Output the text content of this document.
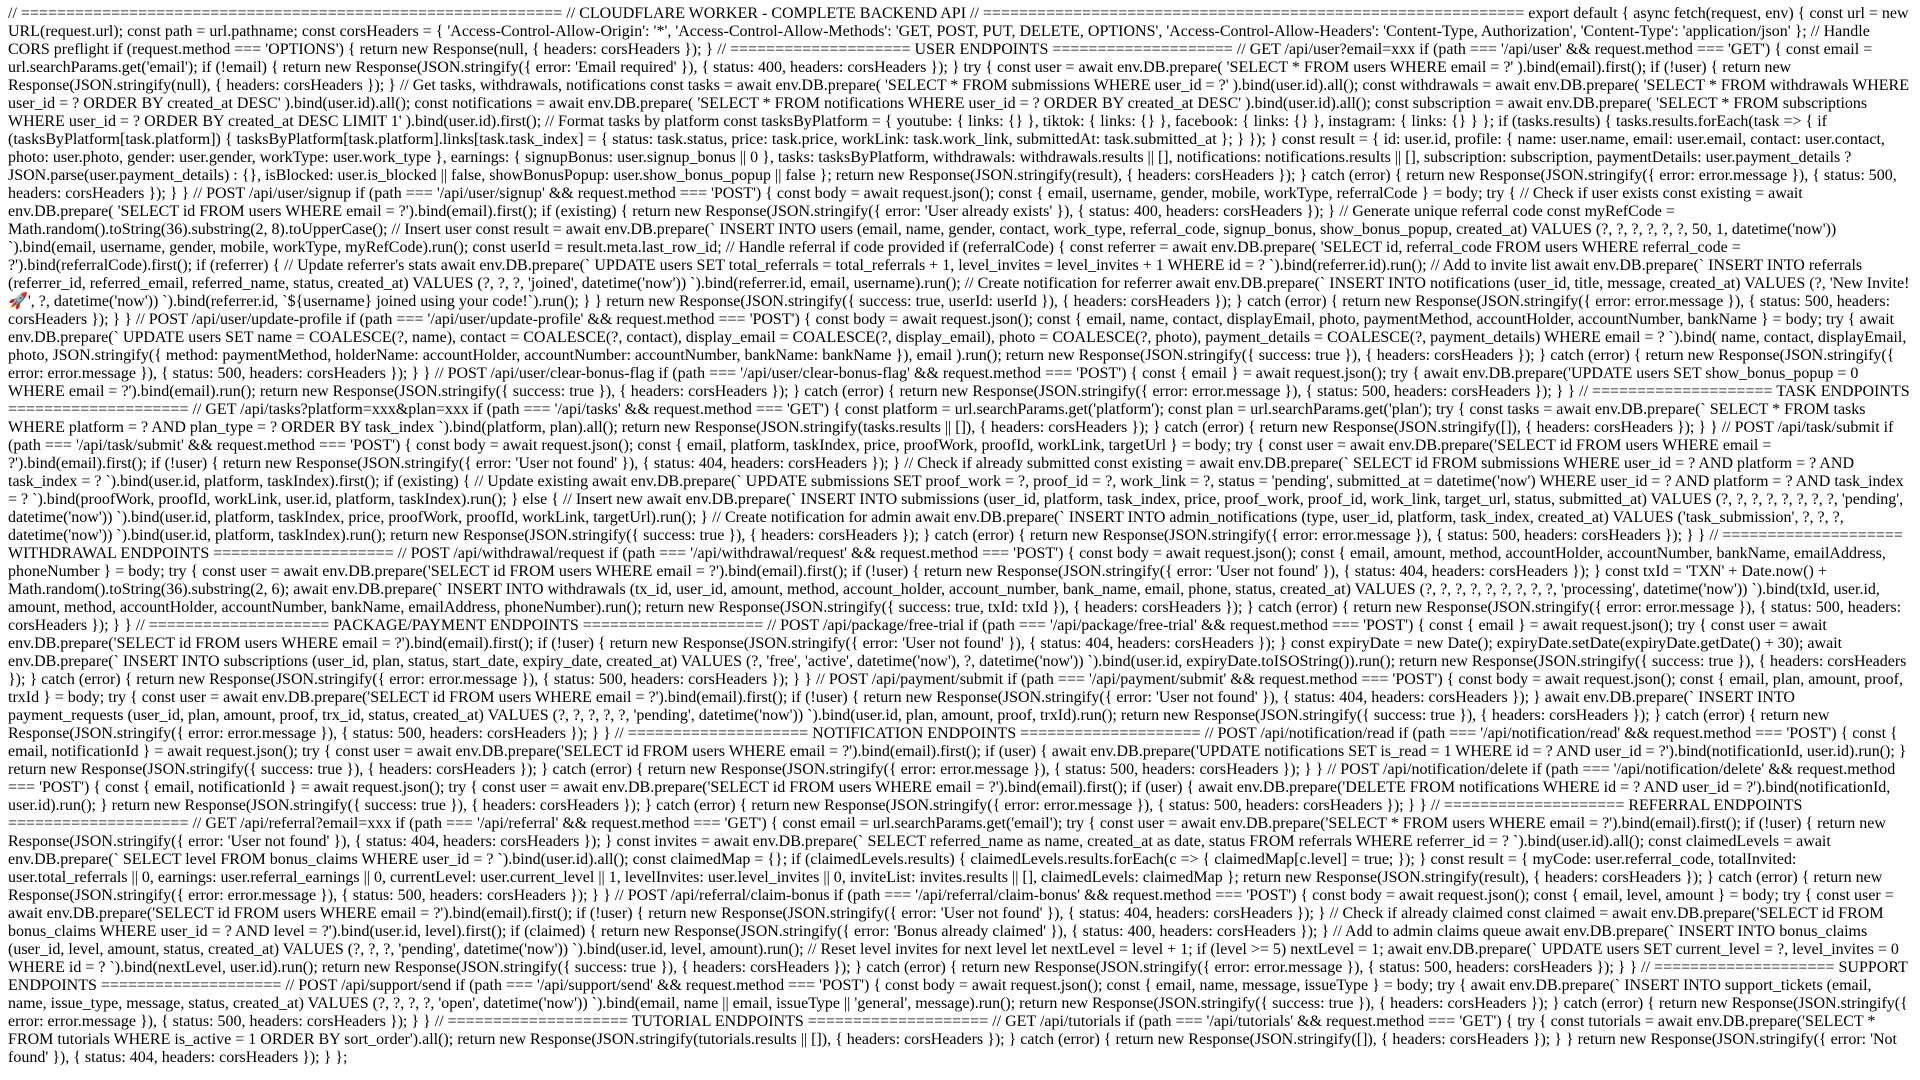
// ============================================================ // CLOUDFLARE WORKER - COMPLETE BACKEND API // ============================================================ export default { async fetch(request, env) { const url = new URL(request.url); const path = url.pathname; const corsHeaders = { 'Access-Control-Allow-Origin': '*', 'Access-Control-Allow-Methods': 'GET, POST, PUT, DELETE, OPTIONS', 'Access-Control-Allow-Headers': 'Content-Type, Authorization', 'Content-Type': 'application/json' }; // Handle CORS preflight if (request.method === 'OPTIONS') { return new Response(null, { headers: corsHeaders }); } // ==================== USER ENDPOINTS ==================== // GET /api/user?email=xxx if (path === '/api/user' && request.method === 'GET') { const email = url.searchParams.get('email'); if (!email) { return new Response(JSON.stringify({ error: 'Email required' }), { status: 400, headers: corsHeaders }); } try { const user = await env.DB.prepare( 'SELECT * FROM users WHERE email = ?' ).bind(email).first(); if (!user) { return new Response(JSON.stringify(null), { headers: corsHeaders }); } // Get tasks, withdrawals, notifications const tasks = await env.DB.prepare( 'SELECT * FROM submissions WHERE user_id = ?' ).bind(user.id).all(); const withdrawals = await env.DB.prepare( 'SELECT * FROM withdrawals WHERE user_id = ? ORDER BY created_at DESC' ).bind(user.id).all(); const notifications = await env.DB.prepare( 'SELECT * FROM notifications WHERE user_id = ? ORDER BY created_at DESC' ).bind(user.id).all(); const subscription = await env.DB.prepare( 'SELECT * FROM subscriptions WHERE user_id = ? ORDER BY created_at DESC LIMIT 1' ).bind(user.id).first(); // Format tasks by platform const tasksByPlatform = { youtube: { links: {} }, tiktok: { links: {} }, facebook: { links: {} }, instagram: { links: {} } }; if (tasks.results) { tasks.results.forEach(task => { if (tasksByPlatform[task.platform]) { tasksByPlatform[task.platform].links[task.task_index] = { status: task.status, price: task.price, workLink: task.work_link, submittedAt: task.submitted_at }; } }); } const result = { id: user.id, profile: { name: user.name, email: user.email, contact: user.contact, photo: user.photo, gender: user.gender, workType: user.work_type }, earnings: { signupBonus: user.signup_bonus || 0 }, tasks: tasksByPlatform, withdrawals: withdrawals.results || [], notifications: notifications.results || [], subscription: subscription, paymentDetails: user.payment_details ? JSON.parse(user.payment_details) : {}, isBlocked: user.is_blocked || false, showBonusPopup: user.show_bonus_popup || false }; return new Response(JSON.stringify(result), { headers: corsHeaders }); } catch (error) { return new Response(JSON.stringify({ error: error.message }), { status: 500, headers: corsHeaders }); } } // POST /api/user/signup if (path === '/api/user/signup' && request.method === 'POST') { const body = await request.json(); const { email, username, gender, mobile, workType, referralCode } = body; try { // Check if user exists const existing = await env.DB.prepare( 'SELECT id FROM users WHERE email = ?').bind(email).first(); if (existing) { return new Response(JSON.stringify({ error: 'User already exists' }), { status: 400, headers: corsHeaders }); } // Generate unique referral code const myRefCode = Math.random().toString(36).substring(2, 8).toUpperCase(); // Insert user const result = await env.DB.prepare(` INSERT INTO users (email, name, gender, contact, work_type, referral_code, signup_bonus, show_bonus_popup, created_at) VALUES (?, ?, ?, ?, ?, ?, 50, 1, datetime('now')) `).bind(email, username, gender, mobile, workType, myRefCode).run(); const userId = result.meta.last_row_id; // Handle referral if code provided if (referralCode) { const referrer = await env.DB.prepare( 'SELECT id, referral_code FROM users WHERE referral_code = ?').bind(referralCode).first(); if (referrer) { // Update referrer's stats await env.DB.prepare(` UPDATE users SET total_referrals = total_referrals + 1, level_invites = level_invites + 1 WHERE id = ? `).bind(referrer.id).run(); // Add to invite list await env.DB.prepare(` INSERT INTO referrals (referrer_id, referred_email, referred_name, status, created_at) VALUES (?, ?, ?, 'joined', datetime('now')) `).bind(referrer.id, email, username).run(); // Create notification for referrer await env.DB.prepare(` INSERT INTO notifications (user_id, title, message, created_at) VALUES (?, 'New Invite! 🚀', ?, datetime('now')) `).bind(referrer.id, `${username} joined using your code!`).run(); } } return new Response(JSON.stringify({ success: true, userId: userId }), { headers: corsHeaders }); } catch (error) { return new Response(JSON.stringify({ error: error.message }), { status: 500, headers: corsHeaders }); } } // POST /api/user/update-profile if (path === '/api/user/update-profile' && request.method === 'POST') { const body = await request.json(); const { email, name, contact, displayEmail, photo, paymentMethod, accountHolder, accountNumber, bankName } = body; try { await env.DB.prepare(` UPDATE users SET name = COALESCE(?, name), contact = COALESCE(?, contact), display_email = COALESCE(?, display_email), photo = COALESCE(?, photo), payment_details = COALESCE(?, payment_details) WHERE email = ? `).bind( name, contact, displayEmail, photo, JSON.stringify({ method: paymentMethod, holderName: accountHolder, accountNumber: accountNumber, bankName: bankName }), email ).run(); return new Response(JSON.stringify({ success: true }), { headers: corsHeaders }); } catch (error) { return new Response(JSON.stringify({ error: error.message }), { status: 500, headers: corsHeaders }); } } // POST /api/user/clear-bonus-flag if (path === '/api/user/clear-bonus-flag' && request.method === 'POST') { const { email } = await request.json(); try { await env.DB.prepare('UPDATE users SET show_bonus_popup = 0 WHERE email = ?').bind(email).run(); return new Response(JSON.stringify({ success: true }), { headers: corsHeaders }); } catch (error) { return new Response(JSON.stringify({ error: error.message }), { status: 500, headers: corsHeaders }); } } // ==================== TASK ENDPOINTS ==================== // GET /api/tasks?platform=xxx&plan=xxx if (path === '/api/tasks' && request.method === 'GET') { const platform = url.searchParams.get('platform'); const plan = url.searchParams.get('plan'); try { const tasks = await env.DB.prepare(` SELECT * FROM tasks WHERE platform = ? AND plan_type = ? ORDER BY task_index `).bind(platform, plan).all(); return new Response(JSON.stringify(tasks.results || []), { headers: corsHeaders }); } catch (error) { return new Response(JSON.stringify([]), { headers: corsHeaders }); } } // POST /api/task/submit if (path === '/api/task/submit' && request.method === 'POST') { const body = await request.json(); const { email, platform, taskIndex, price, proofWork, proofId, workLink, targetUrl } = body; try { const user = await env.DB.prepare('SELECT id FROM users WHERE email = ?').bind(email).first(); if (!user) { return new Response(JSON.stringify({ error: 'User not found' }), { status: 404, headers: corsHeaders }); } // Check if already submitted const existing = await env.DB.prepare(` SELECT id FROM submissions WHERE user_id = ? AND platform = ? AND task_index = ? `).bind(user.id, platform, taskIndex).first(); if (existing) { // Update existing await env.DB.prepare(` UPDATE submissions SET proof_work = ?, proof_id = ?, work_link = ?, status = 'pending', submitted_at = datetime('now') WHERE user_id = ? AND platform = ? AND task_index = ? `).bind(proofWork, proofId, workLink, user.id, platform, taskIndex).run(); } else { // Insert new await env.DB.prepare(` INSERT INTO submissions (user_id, platform, task_index, price, proof_work, proof_id, work_link, target_url, status, submitted_at) VALUES (?, ?, ?, ?, ?, ?, ?, ?, 'pending', datetime('now')) `).bind(user.id, platform, taskIndex, price, proofWork, proofId, workLink, targetUrl).run(); } // Create notification for admin await env.DB.prepare(` INSERT INTO admin_notifications (type, user_id, platform, task_index, created_at) VALUES ('task_submission', ?, ?, ?, datetime('now')) `).bind(user.id, platform, taskIndex).run(); return new Response(JSON.stringify({ success: true }), { headers: corsHeaders }); } catch (error) { return new Response(JSON.stringify({ error: error.message }), { status: 500, headers: corsHeaders }); } } // ==================== WITHDRAWAL ENDPOINTS ==================== // POST /api/withdrawal/request if (path === '/api/withdrawal/request' && request.method === 'POST') { const body = await request.json(); const { email, amount, method, accountHolder, accountNumber, bankName, emailAddress, phoneNumber } = body; try { const user = await env.DB.prepare('SELECT id FROM users WHERE email = ?').bind(email).first(); if (!user) { return new Response(JSON.stringify({ error: 'User not found' }), { status: 404, headers: corsHeaders }); } const txId = 'TXN' + Date.now() + Math.random().toString(36).substring(2, 6); await env.DB.prepare(` INSERT INTO withdrawals (tx_id, user_id, amount, method, account_holder, account_number, bank_name, email, phone, status, created_at) VALUES (?, ?, ?, ?, ?, ?, ?, ?, ?, 'processing', datetime('now')) `).bind(txId, user.id, amount, method, accountHolder, accountNumber, bankName, emailAddress, phoneNumber).run(); return new Response(JSON.stringify({ success: true, txId: txId }), { headers: corsHeaders }); } catch (error) { return new Response(JSON.stringify({ error: error.message }), { status: 500, headers: corsHeaders }); } } // ==================== PACKAGE/PAYMENT ENDPOINTS ==================== // POST /api/package/free-trial if (path === '/api/package/free-trial' && request.method === 'POST') { const { email } = await request.json(); try { const user = await env.DB.prepare('SELECT id FROM users WHERE email = ?').bind(email).first(); if (!user) { return new Response(JSON.stringify({ error: 'User not found' }), { status: 404, headers: corsHeaders }); } const expiryDate = new Date(); expiryDate.setDate(expiryDate.getDate() + 30); await env.DB.prepare(` INSERT INTO subscriptions (user_id, plan, status, start_date, expiry_date, created_at) VALUES (?, 'free', 'active', datetime('now'), ?, datetime('now')) `).bind(user.id, expiryDate.toISOString()).run(); return new Response(JSON.stringify({ success: true }), { headers: corsHeaders }); } catch (error) { return new Response(JSON.stringify({ error: error.message }), { status: 500, headers: corsHeaders }); } } // POST /api/payment/submit if (path === '/api/payment/submit' && request.method === 'POST') { const body = await request.json(); const { email, plan, amount, proof, trxId } = body; try { const user = await env.DB.prepare('SELECT id FROM users WHERE email = ?').bind(email).first(); if (!user) { return new Response(JSON.stringify({ error: 'User not found' }), { status: 404, headers: corsHeaders }); } await env.DB.prepare(` INSERT INTO payment_requests (user_id, plan, amount, proof, trx_id, status, created_at) VALUES (?, ?, ?, ?, ?, 'pending', datetime('now')) `).bind(user.id, plan, amount, proof, trxId).run(); return new Response(JSON.stringify({ success: true }), { headers: corsHeaders }); } catch (error) { return new Response(JSON.stringify({ error: error.message }), { status: 500, headers: corsHeaders }); } } // ==================== NOTIFICATION ENDPOINTS ==================== // POST /api/notification/read if (path === '/api/notification/read' && request.method === 'POST') { const { email, notificationId } = await request.json(); try { const user = await env.DB.prepare('SELECT id FROM users WHERE email = ?').bind(email).first(); if (user) { await env.DB.prepare('UPDATE notifications SET is_read = 1 WHERE id = ? AND user_id = ?').bind(notificationId, user.id).run(); } return new Response(JSON.stringify({ success: true }), { headers: corsHeaders }); } catch (error) { return new Response(JSON.stringify({ error: error.message }), { status: 500, headers: corsHeaders }); } } // POST /api/notification/delete if (path === '/api/notification/delete' && request.method === 'POST') { const { email, notificationId } = await request.json(); try { const user = await env.DB.prepare('SELECT id FROM users WHERE email = ?').bind(email).first(); if (user) { await env.DB.prepare('DELETE FROM notifications WHERE id = ? AND user_id = ?').bind(notificationId, user.id).run(); } return new Response(JSON.stringify({ success: true }), { headers: corsHeaders }); } catch (error) { return new Response(JSON.stringify({ error: error.message }), { status: 500, headers: corsHeaders }); } } // ==================== REFERRAL ENDPOINTS ==================== // GET /api/referral?email=xxx if (path === '/api/referral' && request.method === 'GET') { const email = url.searchParams.get('email'); try { const user = await env.DB.prepare('SELECT * FROM users WHERE email = ?').bind(email).first(); if (!user) { return new Response(JSON.stringify({ error: 'User not found' }), { status: 404, headers: corsHeaders }); } const invites = await env.DB.prepare(` SELECT referred_name as name, created_at as date, status FROM referrals WHERE referrer_id = ? `).bind(user.id).all(); const claimedLevels = await env.DB.prepare(` SELECT level FROM bonus_claims WHERE user_id = ? `).bind(user.id).all(); const claimedMap = {}; if (claimedLevels.results) { claimedLevels.results.forEach(c => { claimedMap[c.level] = true; }); } const result = { myCode: user.referral_code, totalInvited: user.total_referrals || 0, earnings: user.referral_earnings || 0, currentLevel: user.current_level || 1, levelInvites: user.level_invites || 0, inviteList: invites.results || [], claimedLevels: claimedMap }; return new Response(JSON.stringify(result), { headers: corsHeaders }); } catch (error) { return new Response(JSON.stringify({ error: error.message }), { status: 500, headers: corsHeaders }); } } // POST /api/referral/claim-bonus if (path === '/api/referral/claim-bonus' && request.method === 'POST') { const body = await request.json(); const { email, level, amount } = body; try { const user = await env.DB.prepare('SELECT id FROM users WHERE email = ?').bind(email).first(); if (!user) { return new Response(JSON.stringify({ error: 'User not found' }), { status: 404, headers: corsHeaders }); } // Check if already claimed const claimed = await env.DB.prepare('SELECT id FROM bonus_claims WHERE user_id = ? AND level = ?').bind(user.id, level).first(); if (claimed) { return new Response(JSON.stringify({ error: 'Bonus already claimed' }), { status: 400, headers: corsHeaders }); } // Add to admin claims queue await env.DB.prepare(` INSERT INTO bonus_claims (user_id, level, amount, status, created_at) VALUES (?, ?, ?, 'pending', datetime('now')) `).bind(user.id, level, amount).run(); // Reset level invites for next level let nextLevel = level + 1; if (level >= 5) nextLevel = 1; await env.DB.prepare(` UPDATE users SET current_level = ?, level_invites = 0 WHERE id = ? `).bind(nextLevel, user.id).run(); return new Response(JSON.stringify({ success: true }), { headers: corsHeaders }); } catch (error) { return new Response(JSON.stringify({ error: error.message }), { status: 500, headers: corsHeaders }); } } // ==================== SUPPORT ENDPOINTS ==================== // POST /api/support/send if (path === '/api/support/send' && request.method === 'POST') { const body = await request.json(); const { email, name, message, issueType } = body; try { await env.DB.prepare(` INSERT INTO support_tickets (email, name, issue_type, message, status, created_at) VALUES (?, ?, ?, ?, 'open', datetime('now')) `).bind(email, name || email, issueType || 'general', message).run(); return new Response(JSON.stringify({ success: true }), { headers: corsHeaders }); } catch (error) { return new Response(JSON.stringify({ error: error.message }), { status: 500, headers: corsHeaders }); } } // ==================== TUTORIAL ENDPOINTS ==================== // GET /api/tutorials if (path === '/api/tutorials' && request.method === 'GET') { try { const tutorials = await env.DB.prepare('SELECT * FROM tutorials WHERE is_active = 1 ORDER BY sort_order').all(); return new Response(JSON.stringify(tutorials.results || []), { headers: corsHeaders }); } catch (error) { return new Response(JSON.stringify([]), { headers: corsHeaders }); } } return new Response(JSON.stringify({ error: 'Not found' }), { status: 404, headers: corsHeaders }); } };
